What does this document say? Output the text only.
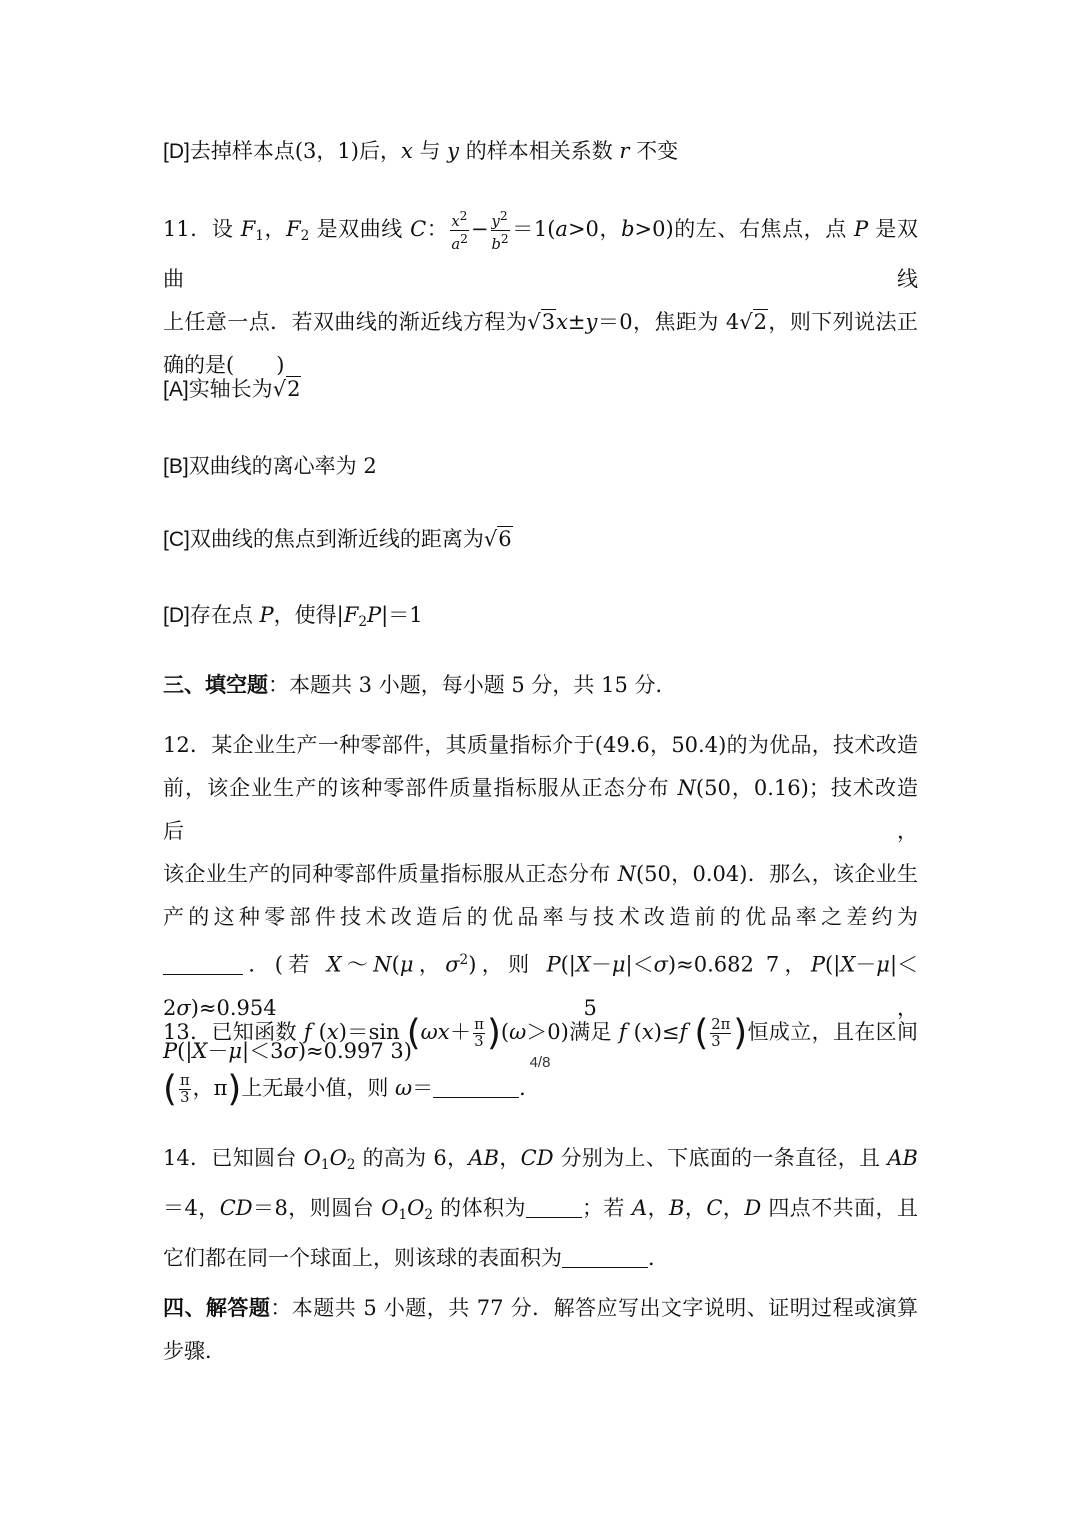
[D]去掉样本点(3，1)后，x 与 y 的样本相关系数 r 不变

11．设 $F_1$，$F_2$ 是双曲线 C： $\frac{x^2}{a^2} - \frac{y^2}{b^2} =1(a>0$，b>0)的左、右焦点，点 P 是双曲线

上任意一点．若双曲线的渐近线方程为√3x±y＝0，焦距为 4√2，则下列说法正

确的是(　　)

[A]实轴长为√2

[B]双曲线的离心率为 2

[C]双曲线的焦点到渐近线的距离为√6

[D]存在点 P，使得$|F_2P|=1$

三、填空题：本题共 3 小题，每小题 5 分，共 15 分．

12．某企业生产一种零部件，其质量指标介于(49.6，50.4)的为优品，技术改造

前，该企业生产的该种零部件质量指标服从正态分布 N(50，0.16)；技术改造后，

该企业生产的同种零部件质量指标服从正态分布 N(50，0.04)．那么，该企业生

产的这种零部件技术改造后的优品率与技术改造前的优品率之差约为

．(若 X～N(μ，$\sigma^2$)，则 P(|X－μ|＜σ)≈0.682 7，P(|X－μ|＜2σ)≈0.954 5，

P(|X－μ|＜3σ)≈0.997 3)

13．已知函数 f (x)＝sin $(\omega x+ \frac{\pi}{3} )(\omega>0)$满足 f (x)≤f ( $\frac{2\pi}{3}$ )恒成立，且在区间

( $\frac{\pi}{3}$ ，π)上无最小值，则 ω＝	．

14．已知圆台 $O_1O_2$ 的高为 6，AB，CD 分别为上、下底面的一条直径，且 AB

＝4，CD＝8，则圆台 $O_1O_2$ 的体积为	；若 A，B，C，D 四点不共面，且

它们都在同一个球面上，则该球的表面积为	．

四、解答题：本题共 5 小题，共 77 分．解答应写出文字说明、证明过程或演算

步骤．

4/8
